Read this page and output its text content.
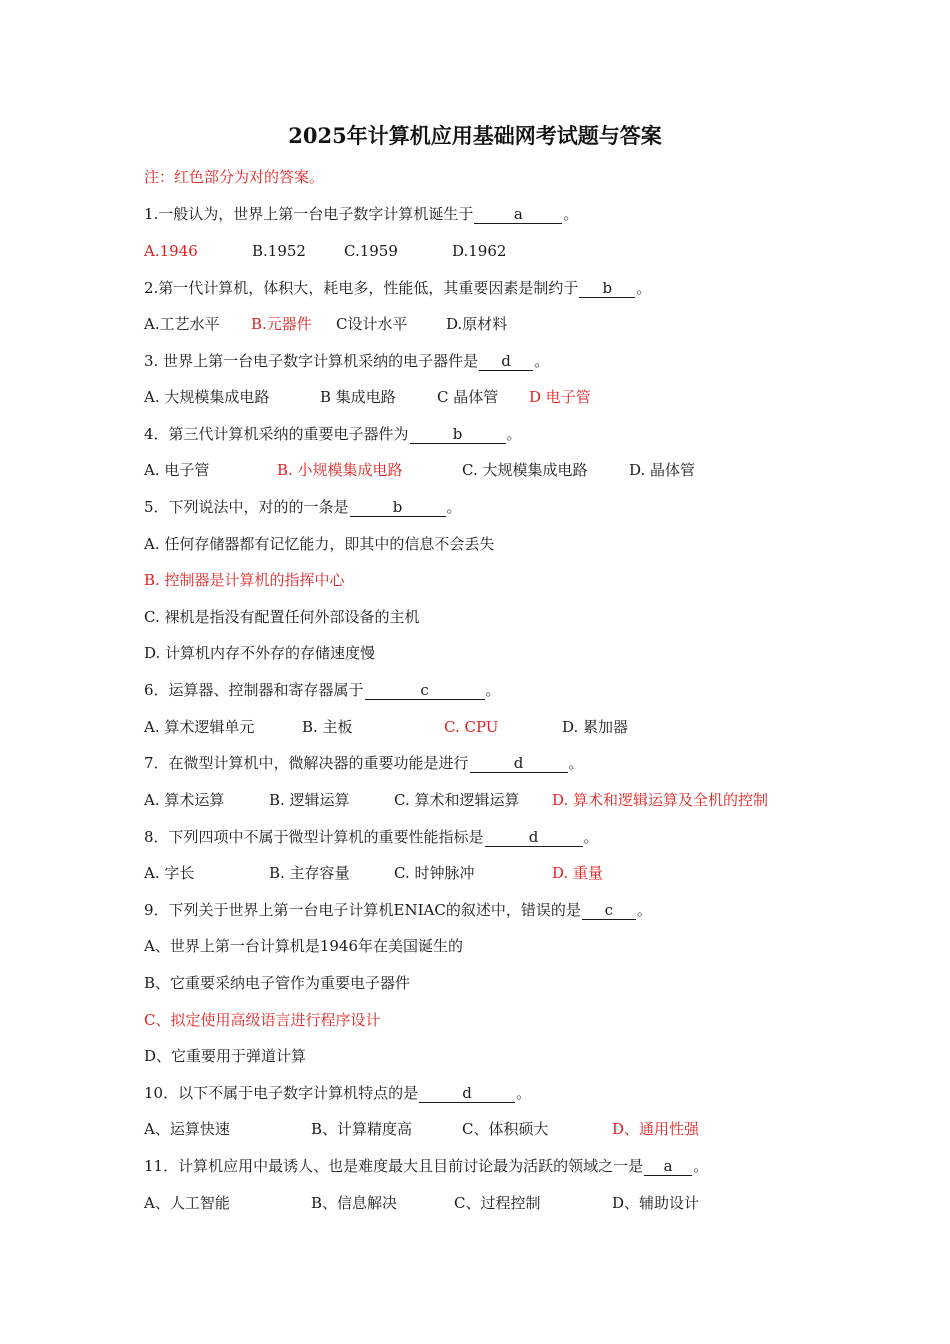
2025年计算机应用基础网考试题与答案
注：红色部分为对的答案。
1.一般认为，世界上第一台电子数字计算机诞生于	a	。
A.1946	B.1952	C.1959	D.1962
2.第一代计算机，体积大，耗电多，性能低，其重要因素是制约于 b 。
A.工艺水平 B.元器件 C设计水平	D.原材料
3. 世界上第一台电子数字计算机采纳的电子器件是 d 。
A. 大规模集成电路	B 集成电路	C 晶体管 D 电子管
4．第三代计算机采纳的重要电子器件为	b	。
A. 电子管	B. 小规模集成电路	C. 大规模集成电路	D. 晶体管
5．下列说法中，对的的一条是	b	。
A. 任何存储器都有记忆能力，即其中的信息不会丢失
B. 控制器是计算机的指挥中心
C. 裸机是指没有配置任何外部设备的主机
D. 计算机内存不外存的存储速度慢
6．运算器、控制器和寄存器属于	c	。
A. 算术逻辑单元	B. 主板	C. CPU	D. 累加器
7．在微型计算机中，微解决器的重要功能是进行	d	。
A. 算术运算	B. 逻辑运算	C. 算术和逻辑运算 D. 算术和逻辑运算及全机的控制
8．下列四项中不属于微型计算机的重要性能指标是	d	。
A. 字长	B. 主存容量	C. 时钟脉冲	D. 重量
9．下列关于世界上第一台电子计算机ENIAC的叙述中，错误的是 c 。
A、世界上第一台计算机是1946年在美国诞生的
B、它重要采纳电子管作为重要电子器件
C、拟定使用高级语言进行程序设计
D、它重要用于弹道计算
10．以下不属于电子数字计算机特点的是	d	。
A、运算快速	B、计算精度高	C、体积硕大	D、通用性强
11．计算机应用中最诱人、也是难度最大且目前讨论最为活跃的领域之一是 a 。
A、人工智能	B、信息解决	C、过程控制	D、辅助设计
